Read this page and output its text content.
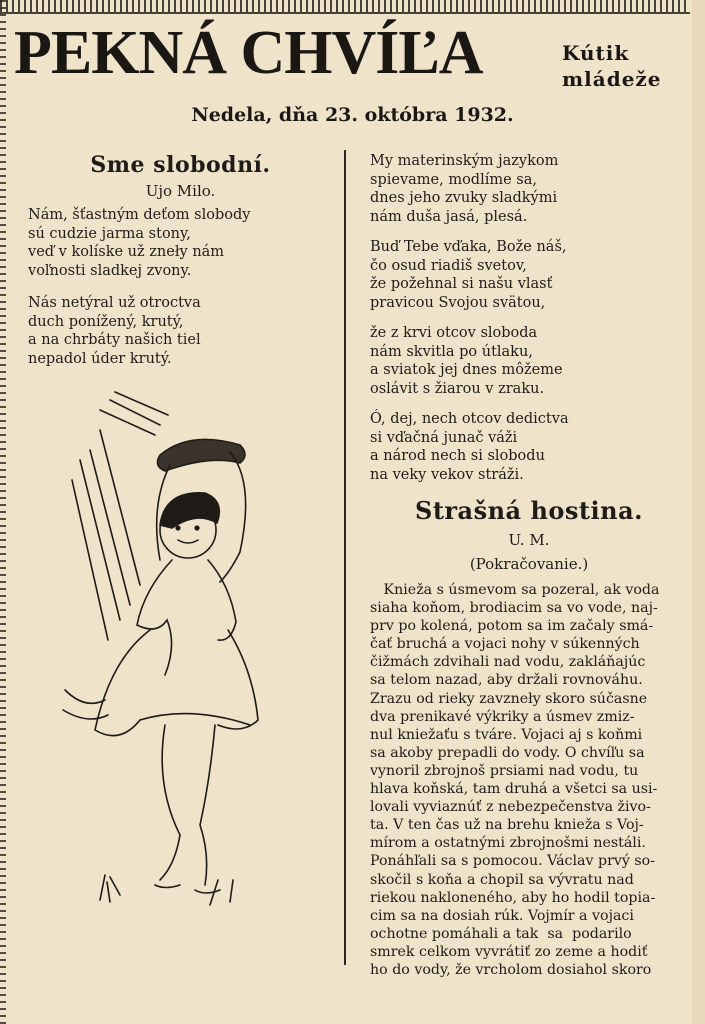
PEKNÁ CHVÍĽA	Kútik
mládeže
Nedela, dňa 23. októbra 1932.
Sme slobodní.
Ujo Milo.
Nám, šťastným deťom slobody
sú cudzie jarma stony,
veď v kolíske už zneły nám
voľnosti sladkej zvony.
Nás netýral už otroctva
duch ponížený, krutý,
a na chrbáty našich tiel
nepadol úder krutý.
My materinským jazykom
spievame, modlíme sa,
dnes jeho zvuky sladkými
nám duša jasá, plesá.
Buď Tebe vďaka, Bože náš,
čo osud riadiš svetov,
že požehnal si našu vlasť
pravicou Svojou svätou,
že z krvi otcov sloboda
nám skvitla po útlaku,
a sviatok jej dnes môžeme
oslávit s žiarou v zraku.
Ó, dej, nech otcov dedictva
si vďačná junač váži
a národ nech si slobodu
na veky vekov stráži.
Strašná hostina.
U. M.
(Pokračovanie.)
Knieža s úsmevom sa pozeral, ak voda
siaha koňom, brodiacim sa vo vode, naj-
prv po kolená, potom sa im začaly smá-
čať bruchá a vojaci nohy v súkenných
čižmách zdvihali nad vodu, zakláňajúc
sa telom nazad, aby držali rovnováhu.
Zrazu od rieky zavzneły skoro súčasne
dva prenikavé výkriky a úsmev zmiz-
nul kniežaťu s tváre. Vojaci aj s koňmi
sa akoby prepadli do vody. O chvíľu sa
vynoril zbrojnoš prsiami nad vodu, tu
hlava koňská, tam druhá a všetci sa usi-
lovali vyviaznúť z nebezpečenstva živo-
ta. V ten čas už na brehu knieža s Voj-
mírom a ostatnými zbrojnošmi nestáli.
Ponáhľali sa s pomocou. Václav prvý so-
skočil s koňa a chopil sa vývratu nad
riekou nakloneného, aby ho hodil topia-
cim sa na dosiah rúk. Vojmír a vojaci
ochotne pomáhali a tak  sa  podarilo
smrek celkom vyvrátiť zo zeme a hodiť
ho do vody, že vrcholom dosiahol skoro
